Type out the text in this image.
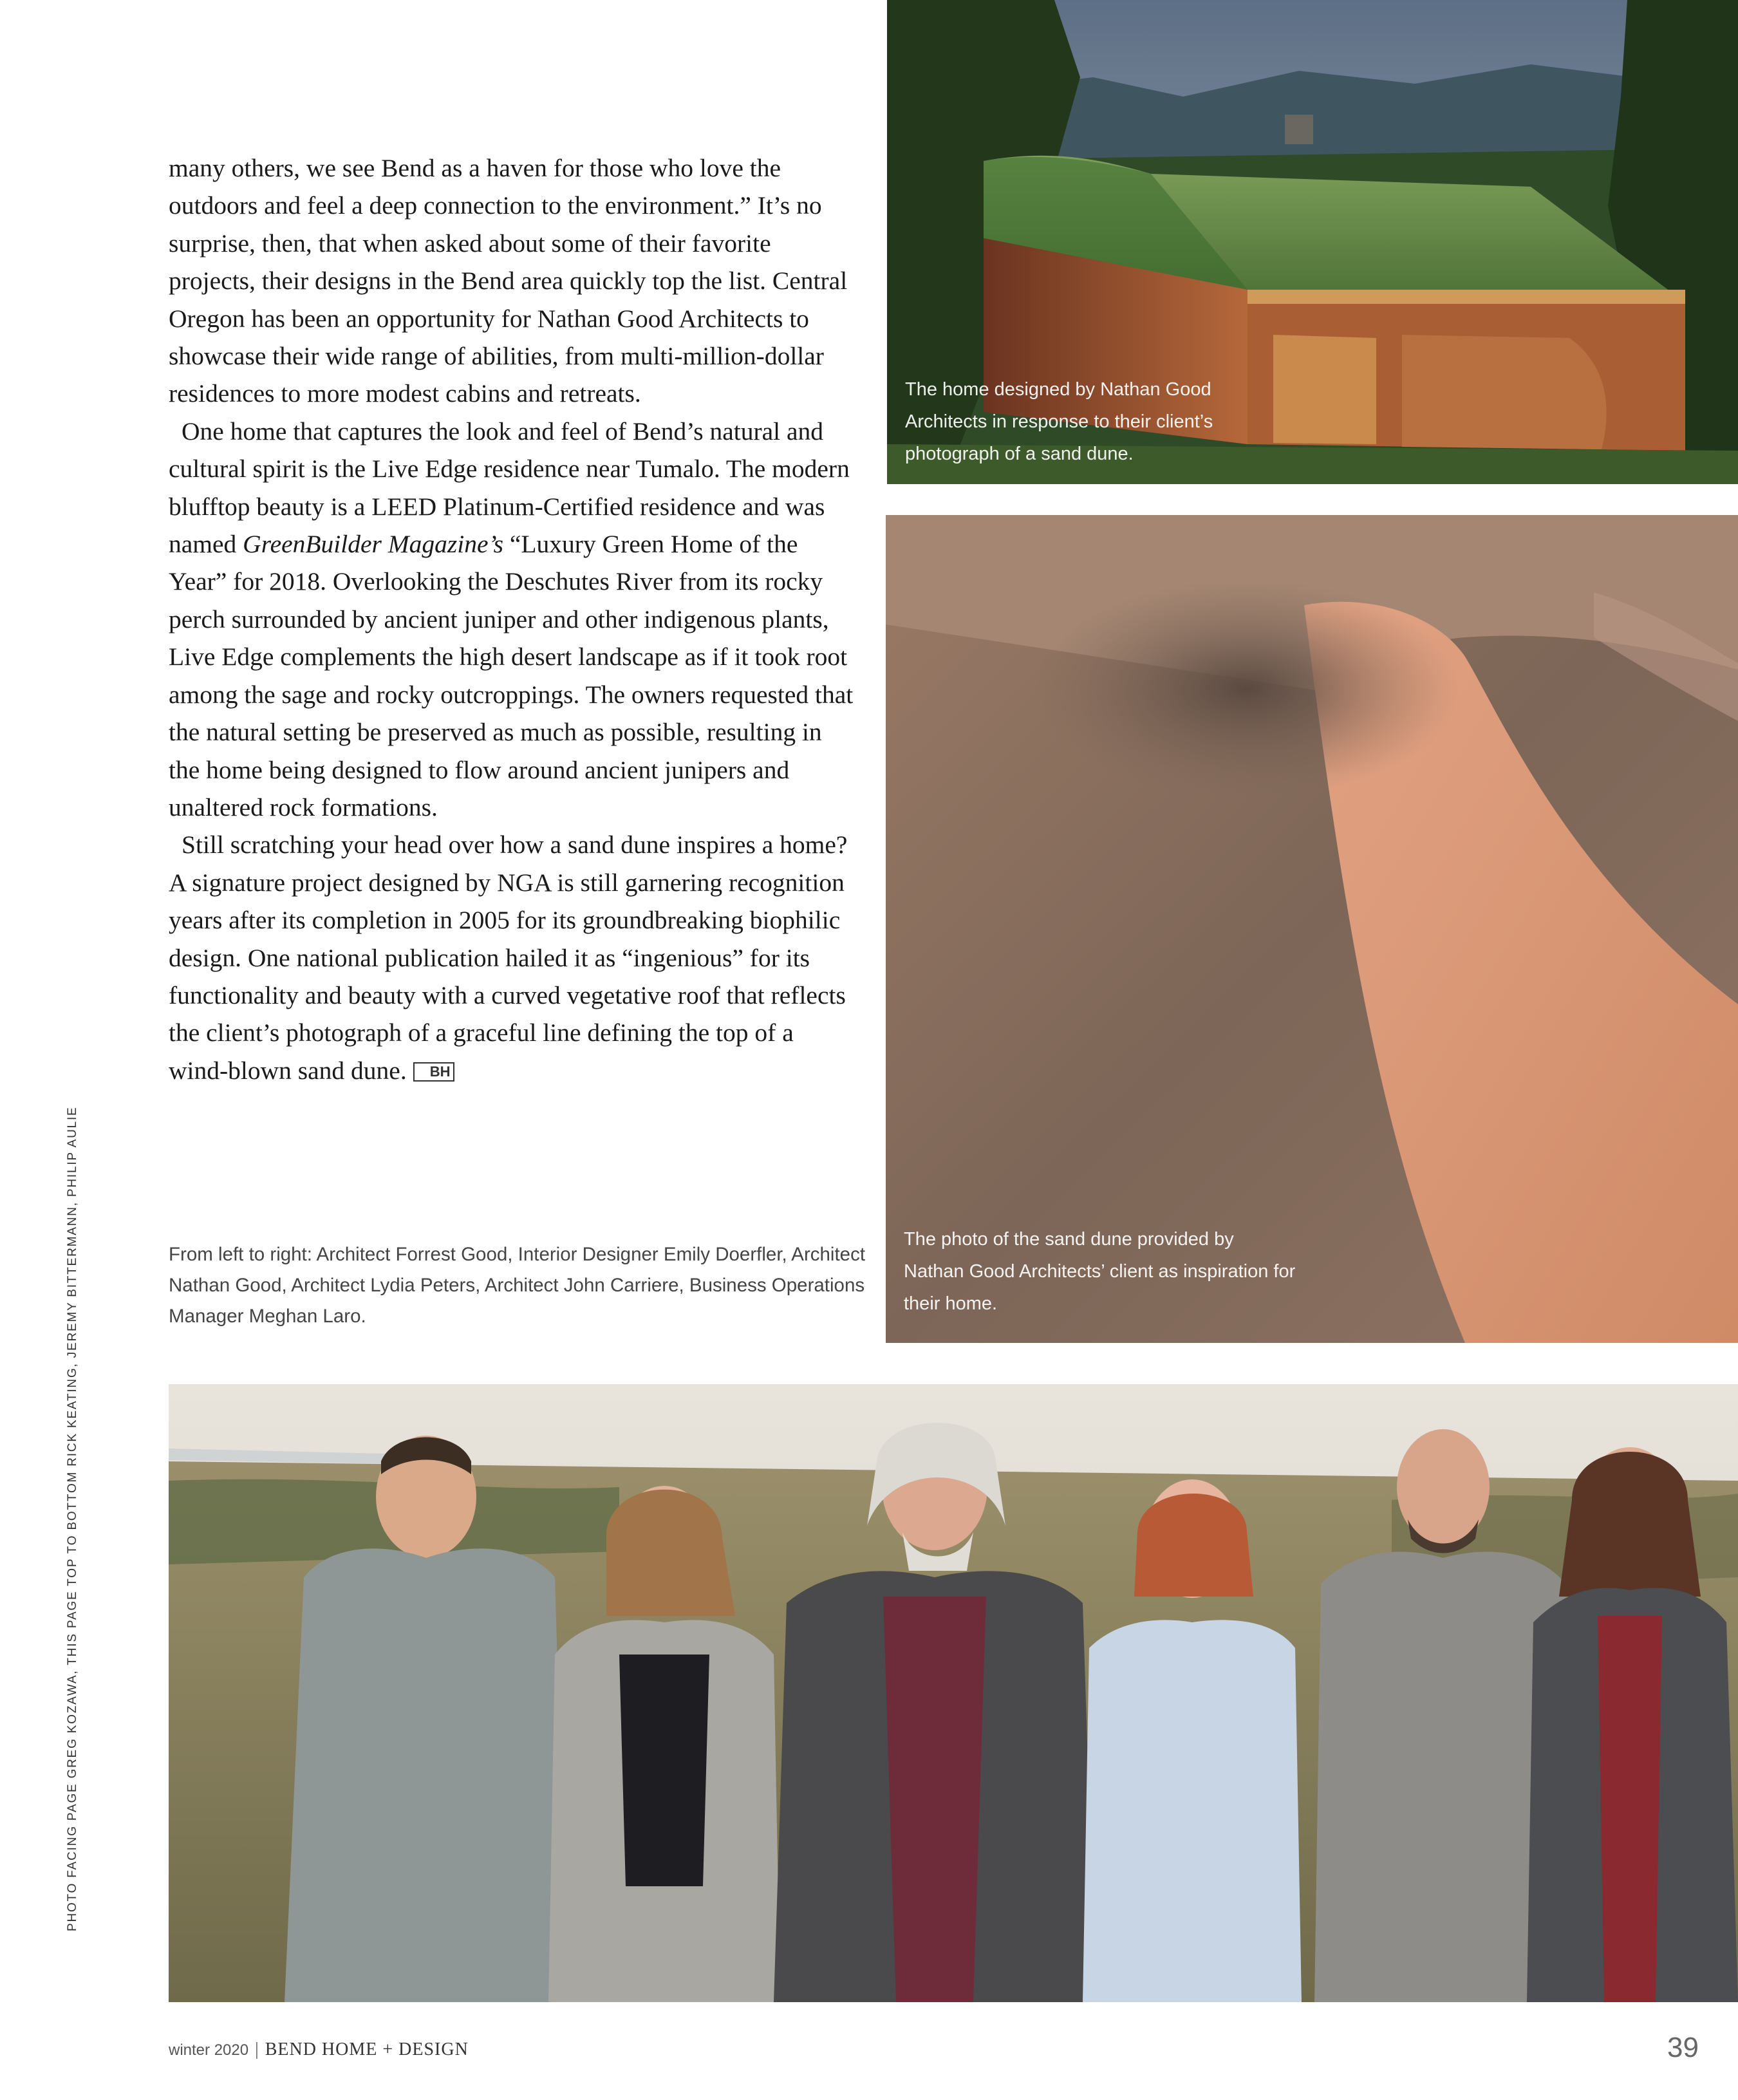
many others, we see Bend as a haven for those who love the outdoors and feel a deep connection to the environment.” It’s no surprise, then, that when asked about some of their favorite projects, their designs in the Bend area quickly top the list. Central Oregon has been an opportunity for Nathan Good Architects to showcase their wide range of abilities, from multi-million-dollar residences to more modest cabins and retreats.

One home that captures the look and feel of Bend’s natural and cultural spirit is the Live Edge residence near Tumalo. The modern blufftop beauty is a LEED Platinum-Certified residence and was named GreenBuilder Magazine’s “Luxury Green Home of the Year” for 2018. Overlooking the Deschutes River from its rocky perch surrounded by ancient juniper and other indigenous plants, Live Edge complements the high desert landscape as if it took root among the sage and rocky outcroppings. The owners requested that the natural setting be preserved as much as possible, resulting in the home being designed to flow around ancient junipers and unaltered rock formations.

Still scratching your head over how a sand dune inspires a home? A signature project designed by NGA is still garnering recognition years after its completion in 2005 for its groundbreaking biophilic design. One national publication hailed it as “ingenious” for its functionality and beauty with a curved vegetative roof that reflects the client’s photograph of a graceful line defining the top of a wind-blown sand dune. BH

The home designed by Nathan Good Architects in response to their client’s photograph of a sand dune.
The photo of the sand dune provided by Nathan Good Architects’ client as inspiration for their home.
From left to right: Architect Forrest Good, Interior Designer Emily Doerfler, Architect Nathan Good, Architect Lydia Peters, Architect John Carriere, Business Operations Manager Meghan Laro.
PHOTO FACING PAGE GREG KOZAWA, THIS PAGE TOP TO BOTTOM RICK KEATING, JEREMY BITTERMANN, PHILIP AULIE
winter 2020 | BEND HOME + DESIGN	39
